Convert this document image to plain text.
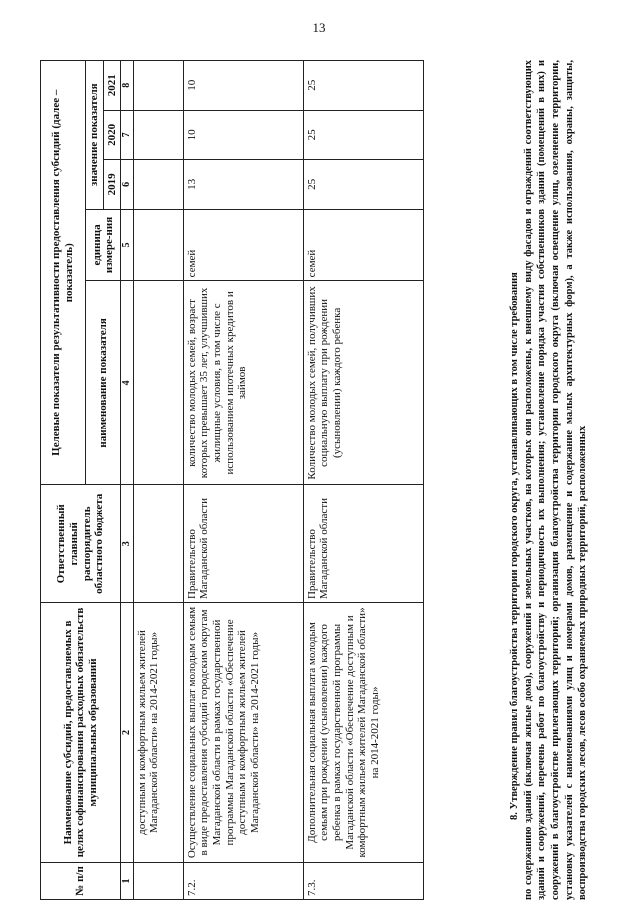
13
№ п/п	Наименование субсидий, предоставляемых в целях софинансирования расходных обязательств муниципальных образований	Ответственный главный распорядитель областного бюджета	Целевые показатели результативности предоставления субсидий (далее – показатель)				
			наименование показателя	единица измере-ния	значение показателя		
					2019	2020	2021
1	2	3	4	5	6	7	8
	доступным и комфортным жильем жителей Магаданской области» на 2014-2021 годы»						
7.2.	Осуществление социальных выплат молодым семьям в виде предоставления субсидий городским округам Магаданской области в рамках государственной программы Магаданской области «Обеспечение доступным и комфортным жильем жителей Магаданской области» на 2014-2021 годы»	Правительство Магаданской области	количество молодых семей, возраст которых превышает 35 лет, улучшивших жилищные условия, в том числе с использованием ипотечных кредитов и займов	семей	13	10	10
7.3.	Дополнительная социальная выплата молодым семьям при рождении (усыновлении) каждого ребенка в рамках государственной программы Магаданской области «Обеспечение доступным и комфортным жильем жителей Магаданской области» на 2014-2021 годы»	Правительство Магаданской области	Количество молодых семей, получивших социальную выплату при рождении (усыновлении) каждого ребенка	семей	25	25	25

8. Утверждение правил благоустройства территории городского округа, устанавливающих в том числе требования по содержанию зданий (включая жилые дома), сооружений и земельных участков, на которых они расположены, к внешнему виду фасадов и ограждений соответствующих зданий и сооружений, перечень работ по благоустройству и периодичность их выполнения; установление порядка участия собственников зданий (помещений в них) и сооружений в благоустройстве прилегающих территорий; организация благоустройства территории городского округа (включая освещение улиц, озеленение территории, установку указателей с наименованиями улиц и номерами домов, размещение и содержание малых архитектурных форм), а также использования, охраны, защиты, воспроизводства городских лесов, лесов особо охраняемых природных территорий, расположенных
